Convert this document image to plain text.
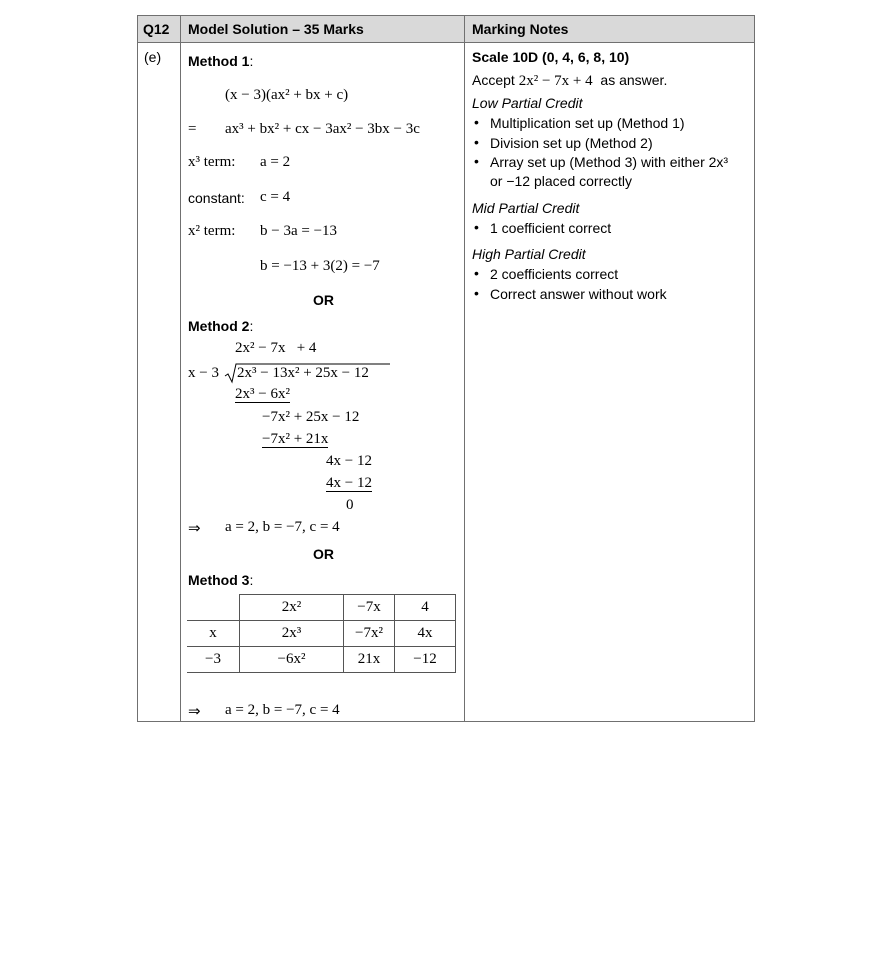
Q12 Model Solution – 35 Marks	Marking Notes
(e) Method 1:
(x − 3)(ax² + bx + c)
= ax³ + bx² + cx − 3ax² − 3bx − 3c
x³ term: a = 2
constant: c = 4
x² term: b − 3a = −13
b = −13 + 3(2) = −7
OR
Method 2:
2x² − 7x   + 4
x − 3 2x³ − 13x² + 25x − 12
2x³ − 6x²
−7x² + 25x − 12
−7x² + 21x
4x − 12
4x − 12
0
⇒ a = 2, b = −7, c = 4
OR
Method 3:
	2x²	−7x	4
x	2x³	−7x²	4x
−3	−6x²	21x	−12
⇒ a = 2, b = −7, c = 4
Scale 10D (0, 4, 6, 8, 10)
Accept 2x² − 7x + 4  as answer.
Low Partial Credit
• Multiplication set up (Method 1)
• Division set up (Method 2)
• Array set up (Method 3) with either 2x³
or −12 placed correctly
Mid Partial Credit
• 1 coefficient correct
High Partial Credit
• 2 coefficients correct
• Correct answer without work
